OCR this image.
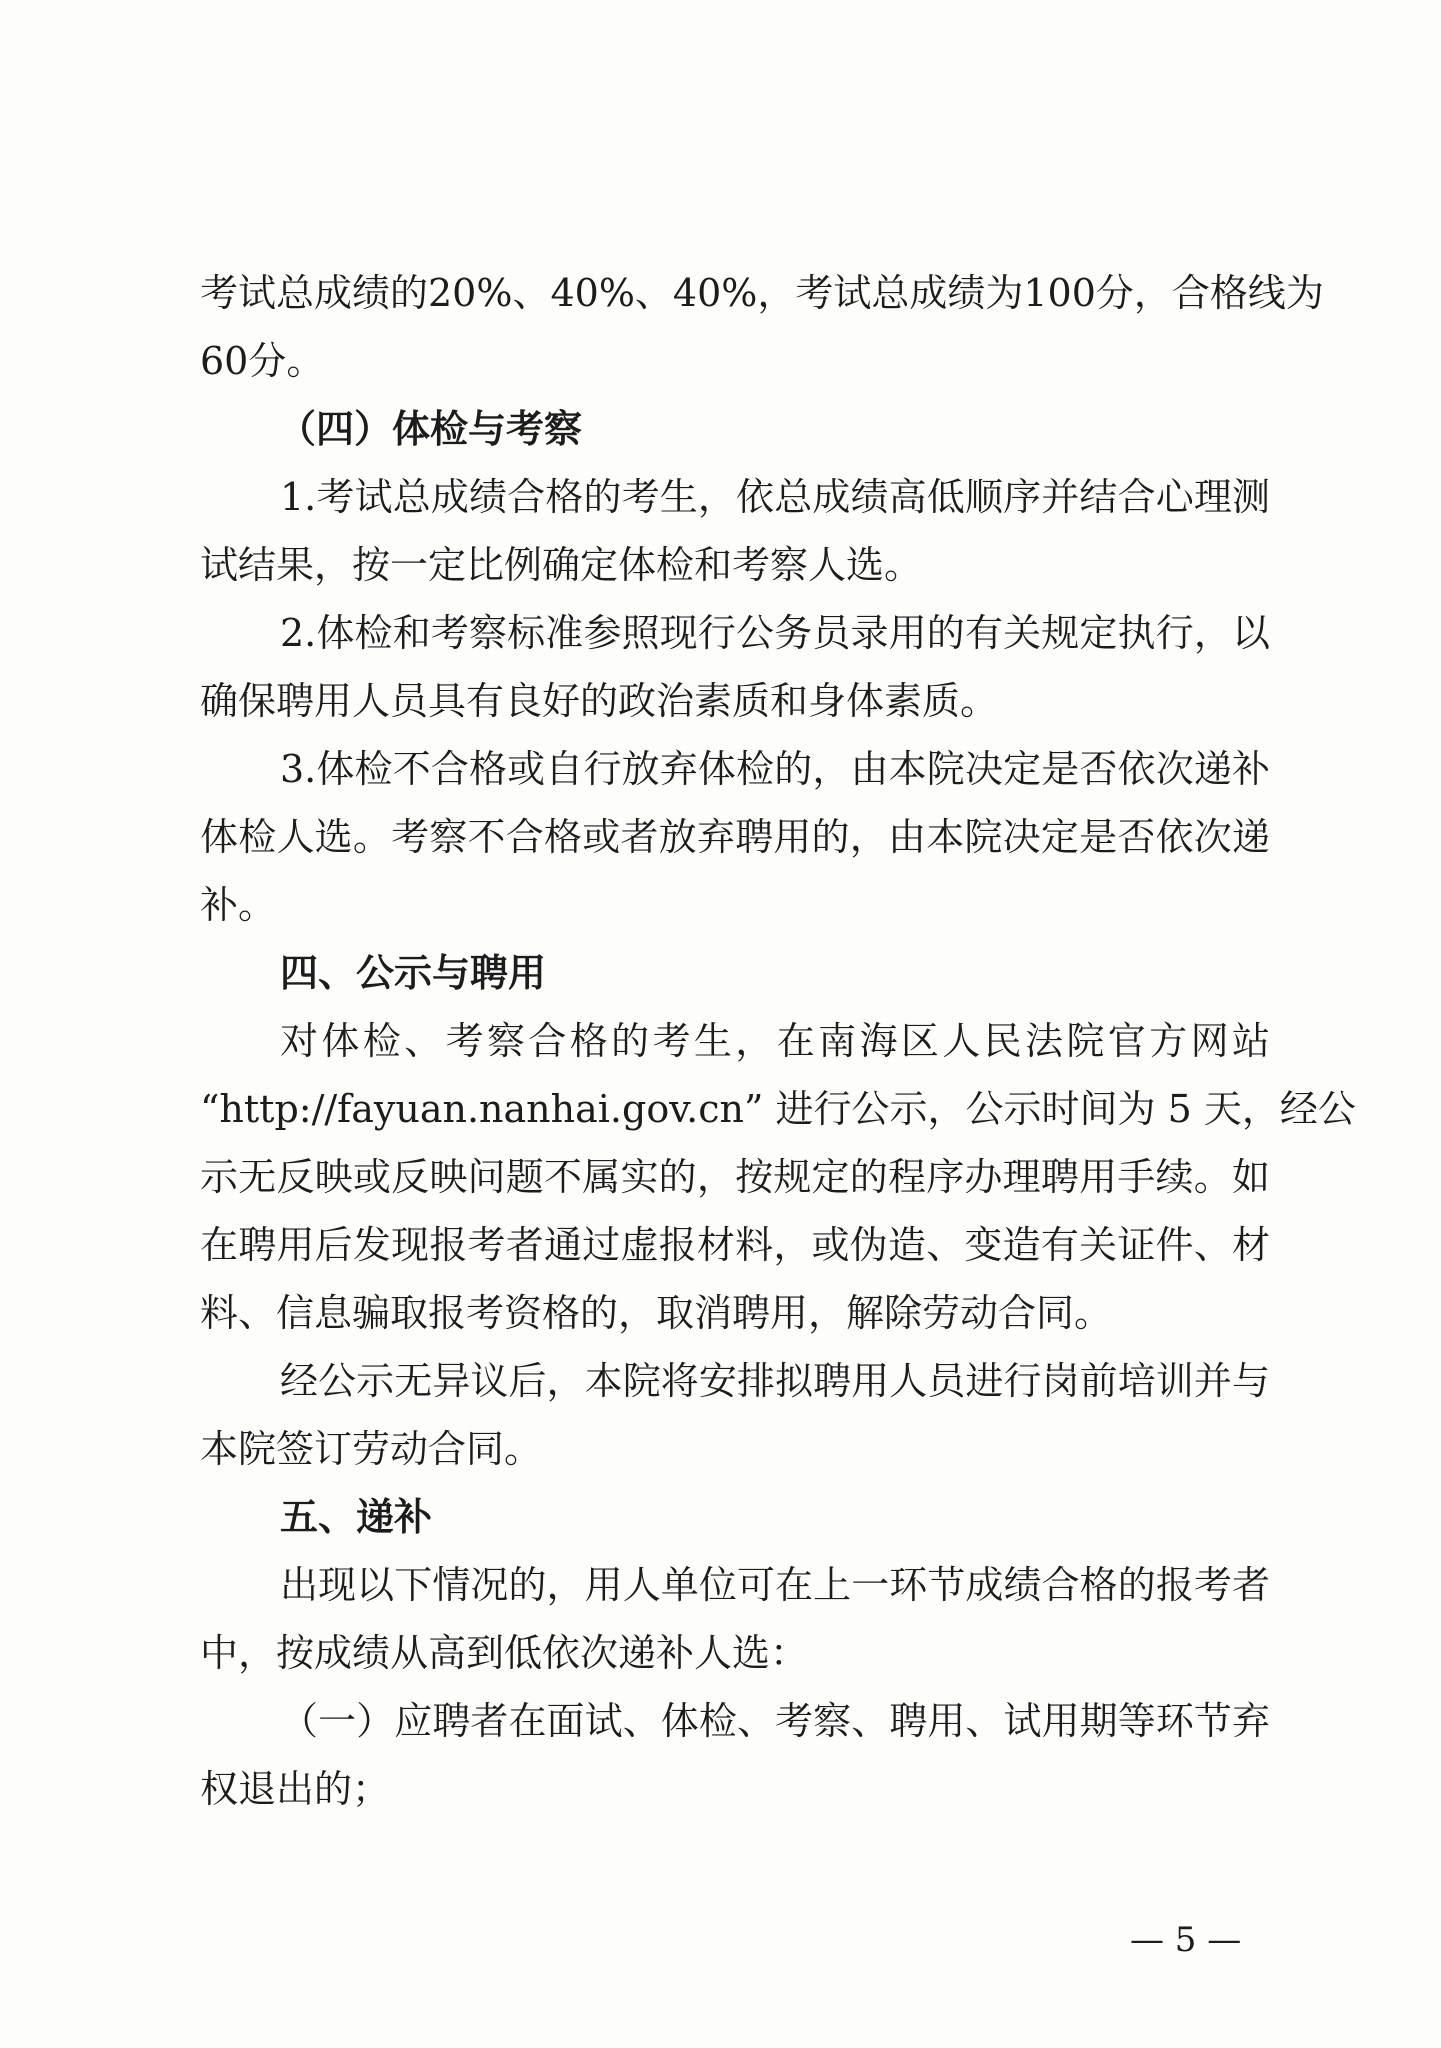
考试总成绩的20%、40%、40%，考试总成绩为100分，合格线为
60分。
（四）体检与考察
1.考试总成绩合格的考生，依总成绩高低顺序并结合心理测
试结果，按一定比例确定体检和考察人选。
2.体检和考察标准参照现行公务员录用的有关规定执行，以
确保聘用人员具有良好的政治素质和身体素质。
3.体检不合格或自行放弃体检的，由本院决定是否依次递补
体检人选。考察不合格或者放弃聘用的，由本院决定是否依次递
补。
四、公示与聘用
对体检、考察合格的考生，在南海区人民法院官方网站
“http://fayuan.nanhai.gov.cn” 进行公示，公示时间为 5 天，经公
示无反映或反映问题不属实的，按规定的程序办理聘用手续。如
在聘用后发现报考者通过虚报材料，或伪造、变造有关证件、材
料、信息骗取报考资格的，取消聘用，解除劳动合同。
经公示无异议后，本院将安排拟聘用人员进行岗前培训并与
本院签订劳动合同。
五、递补
出现以下情况的，用人单位可在上一环节成绩合格的报考者
中，按成绩从高到低依次递补人选：
（一）应聘者在面试、体检、考察、聘用、试用期等环节弃
权退出的；
— 5 —
